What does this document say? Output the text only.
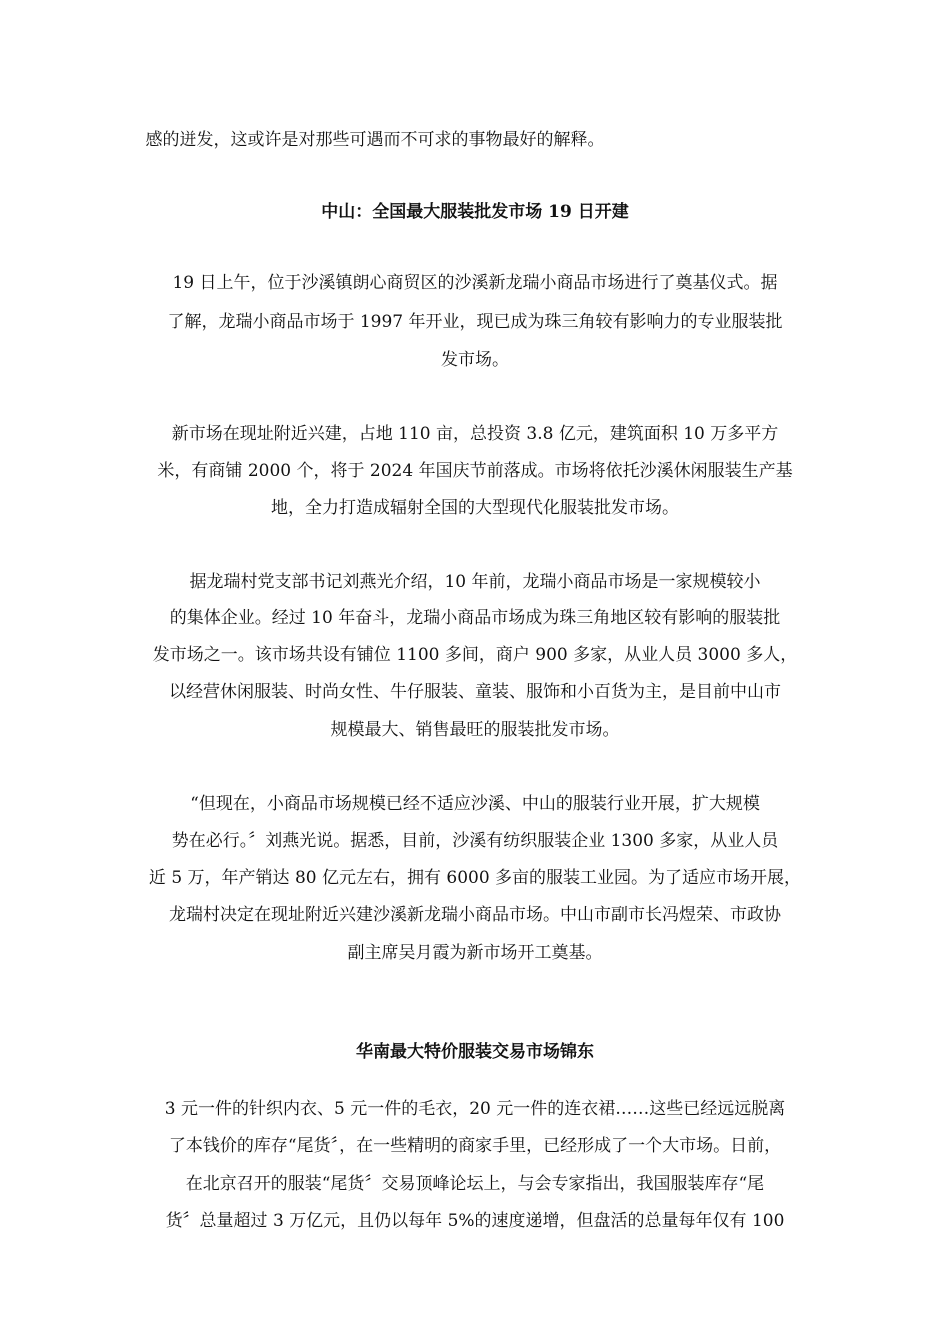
感的迸发，这或许是对那些可遇而不可求的事物最好的解释。
中山：全国最大服装批发市场 19 日开建
19 日上午，位于沙溪镇朗心商贸区的沙溪新龙瑞小商品市场进行了奠基仪式。据
了解，龙瑞小商品市场于 1997 年开业，现已成为珠三角较有影响力的专业服装批
发市场。
新市场在现址附近兴建，占地 110 亩，总投资 3.8 亿元，建筑面积 10 万多平方
米，有商铺 2000 个，将于 2024 年国庆节前落成。市场将依托沙溪休闲服装生产基
地，全力打造成辐射全国的大型现代化服装批发市场。
据龙瑞村党支部书记刘燕光介绍，10 年前，龙瑞小商品市场是一家规模较小
的集体企业。经过 10 年奋斗，龙瑞小商品市场成为珠三角地区较有影响的服装批
发市场之一。该市场共设有铺位 1100 多间，商户 900 多家，从业人员 3000 多人，
以经营休闲服装、时尚女性、牛仔服装、童装、服饰和小百货为主，是目前中山市
规模最大、销售最旺的服装批发市场。
“但现在，小商品市场规模已经不适应沙溪、中山的服装行业开展，扩大规模
势在必行。〞刘燕光说。据悉，目前，沙溪有纺织服装企业 1300 多家，从业人员
近 5 万，年产销达 80 亿元左右，拥有 6000 多亩的服装工业园。为了适应市场开展，
龙瑞村决定在现址附近兴建沙溪新龙瑞小商品市场。中山市副市长冯煜荣、市政协
副主席吴月霞为新市场开工奠基。
华南最大特价服装交易市场锦东
3 元一件的针织内衣、5 元一件的毛衣，20 元一件的连衣裙……这些已经远远脱离
了本钱价的库存“尾货〞，在一些精明的商家手里，已经形成了一个大市场。日前，
在北京召开的服装“尾货〞交易顶峰论坛上，与会专家指出，我国服装库存“尾
货〞总量超过 3 万亿元，且仍以每年 5%的速度递增，但盘活的总量每年仅有 100
